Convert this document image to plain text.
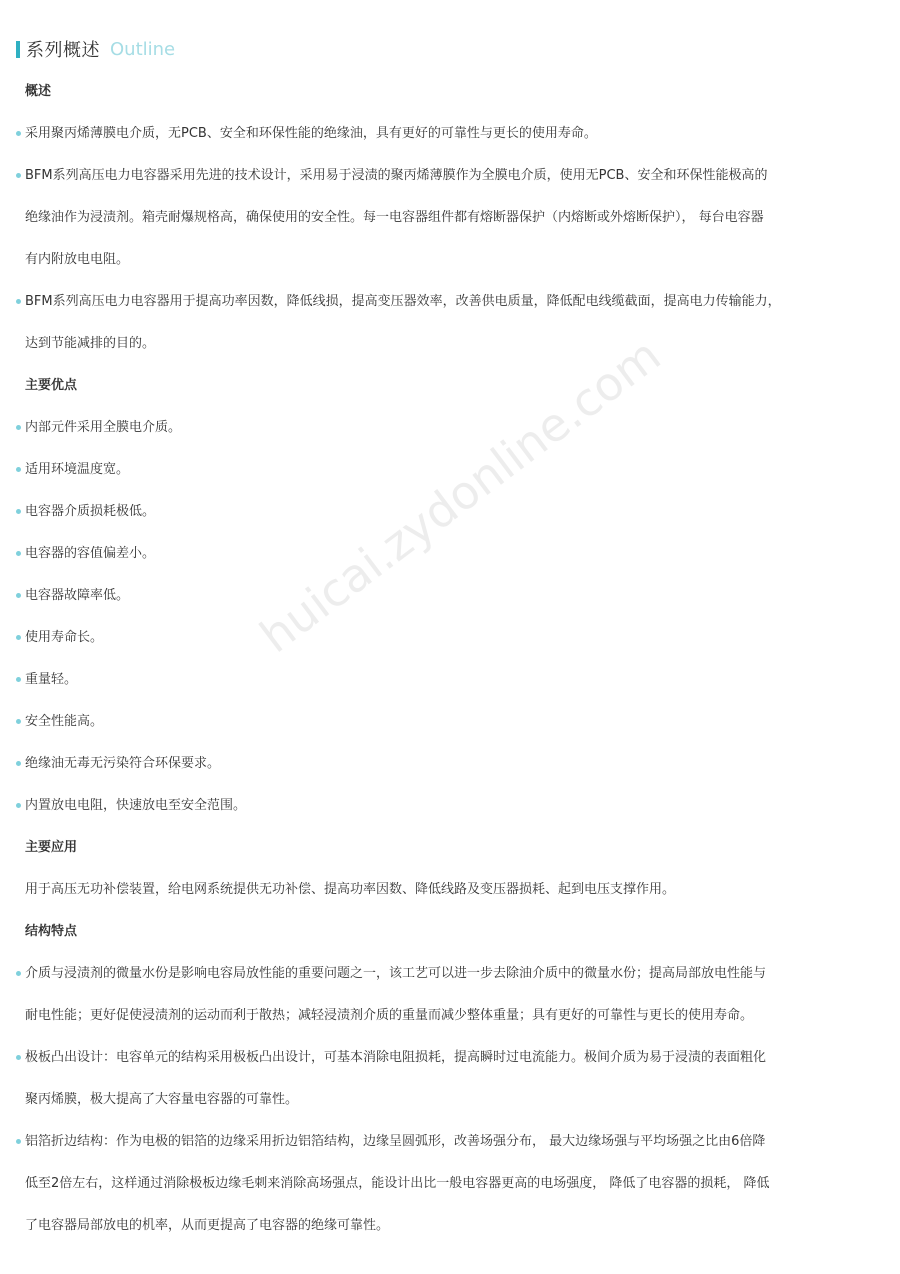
系列概述 Outline
概述
采用聚丙烯薄膜电介质，无PCB、安全和环保性能的绝缘油，具有更好的可靠性与更长的使用寿命。
BFM系列高压电力电容器采用先进的技术设计，采用易于浸渍的聚丙烯薄膜作为全膜电介质，使用无PCB、安全和环保性能极高的
绝缘油作为浸渍剂。箱壳耐爆规格高，确保使用的安全性。每一电容器组件都有熔断器保护（内熔断或外熔断保护）， 每台电容器
有内附放电电阻。
BFM系列高压电力电容器用于提高功率因数，降低线损，提高变压器效率，改善供电质量，降低配电线缆截面，提高电力传输能力，
达到节能减排的目的。
主要优点
内部元件采用全膜电介质。
适用环境温度宽。
电容器介质损耗极低。
电容器的容值偏差小。
电容器故障率低。
使用寿命长。
重量轻。
安全性能高。
绝缘油无毒无污染符合环保要求。
内置放电电阻，快速放电至安全范围。
主要应用
用于高压无功补偿装置，给电网系统提供无功补偿、提高功率因数、降低线路及变压器损耗、起到电压支撑作用。
结构特点
介质与浸渍剂的微量水份是影响电容局放性能的重要问题之一，该工艺可以进一步去除油介质中的微量水份；提高局部放电性能与
耐电性能；更好促使浸渍剂的运动而利于散热；减轻浸渍剂介质的重量而减少整体重量；具有更好的可靠性与更长的使用寿命。
极板凸出设计：电容单元的结构采用极板凸出设计，可基本消除电阻损耗，提高瞬时过电流能力。极间介质为易于浸渍的表面粗化
聚丙烯膜，极大提高了大容量电容器的可靠性。
铝箔折边结构：作为电极的铝箔的边缘采用折边铝箔结构，边缘呈圆弧形，改善场强分布， 最大边缘场强与平均场强之比由6倍降
低至2倍左右，这样通过消除极板边缘毛刺来消除高场强点，能设计出比一般电容器更高的电场强度， 降低了电容器的损耗， 降低
了电容器局部放电的机率，从而更提高了电容器的绝缘可靠性。
huicai.zydonline.com
